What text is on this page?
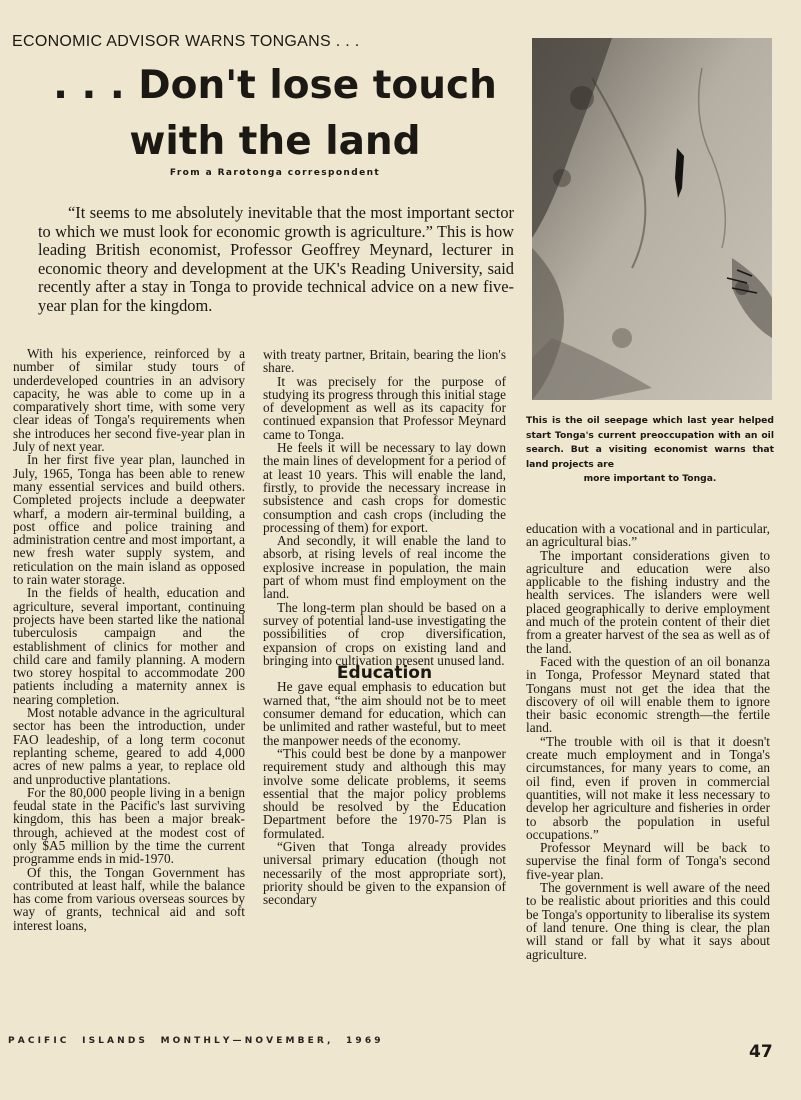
ECONOMIC ADVISOR WARNS TONGANS . . .
. . . Don't lose touch
with the land
From a Rarotonga correspondent
“It seems to me absolutely inevitable that the most important sector to which we must look for economic growth is agriculture.” This is how leading British economist, Professor Geoffrey Meynard, lecturer in economic theory and development at the UK's Reading University, said recently after a stay in Tonga to provide technical advice on a new five-year plan for the kingdom.
This is the oil seepage which last year helped start Tonga's current preoccupation with an oil search. But a visiting economist warns that land projects are
more important to Tonga.

With his experience, reinforced by a number of similar study tours of underdeveloped countries in an advisory capacity, he was able to come up in a comparatively short time, with some very clear ideas of Tonga's requirements when she introduces her second five-year plan in July of next year.

In her first five year plan, launched in July, 1965, Tonga has been able to renew many essential services and build others. Completed projects include a deepwater wharf, a modern air-terminal building, a post office and police training and administration centre and most important, a new fresh water supply system, and reticulation on the main island as opposed to rain water storage.

In the fields of health, education and agriculture, several important, continuing projects have been started like the national tuberculosis campaign and the establishment of clinics for mother and child care and family planning. A modern two storey hospital to accommodate 200 patients including a maternity annex is nearing completion.

Most notable advance in the agricultural sector has been the introduction, under FAO leadeship, of a long term coconut replanting scheme, geared to add 4,000 acres of new palms a year, to replace old and unproductive plantations.

For the 80,000 people living in a benign feudal state in the Pacific's last surviving kingdom, this has been a major break-through, achieved at the modest cost of only $A5 million by the time the current programme ends in mid-1970.

Of this, the Tongan Government has contributed at least half, while the balance has come from various overseas sources by way of grants, technical aid and soft interest loans,

with treaty partner, Britain, bearing the lion's share.

It was precisely for the purpose of studying its progress through this initial stage of development as well as its capacity for continued expansion that Professor Meynard came to Tonga.

He feels it will be necessary to lay down the main lines of development for a period of at least 10 years. This will enable the land, firstly, to provide the necessary increase in subsistence and cash crops for domestic consumption and cash crops (including the processing of them) for export.

And secondly, it will enable the land to absorb, at rising levels of real income the explosive increase in population, the main part of whom must find employment on the land.

The long-term plan should be based on a survey of potential land-use investigating the possibilities of crop diversification, expansion of crops on existing land and bringing into cultivation present unused land.

Education

He gave equal emphasis to education but warned that, “the aim should not be to meet consumer demand for education, which can be unlimited and rather wasteful, but to meet the manpower needs of the economy.

“This could best be done by a manpower requirement study and although this may involve some delicate problems, it seems essential that the major policy problems should be resolved by the Education Department before the 1970-75 Plan is formulated.

“Given that Tonga already provides universal primary education (though not necessarily of the most appropriate sort), priority should be given to the expansion of secondary

education with a vocational and in particular, an agricultural bias.”

The important considerations given to agriculture and education were also applicable to the fishing industry and the health services. The islanders were well placed geographically to derive employment and much of the protein content of their diet from a greater harvest of the sea as well as of the land.

Faced with the question of an oil bonanza in Tonga, Professor Meynard stated that Tongans must not get the idea that the discovery of oil will enable them to ignore their basic economic strength—the fertile land.

“The trouble with oil is that it doesn't create much employment and in Tonga's circumstances, for many years to come, an oil find, even if proven in commercial quantities, will not make it less necessary to develop her agriculture and fisheries in order to absorb the population in useful occupations.”

Professor Meynard will be back to supervise the final form of Tonga's second five-year plan.

The government is well aware of the need to be realistic about priorities and this could be Tonga's opportunity to liberalise its system of land tenure. One thing is clear, the plan will stand or fall by what it says about agriculture.

P A C I F I C     I S L A N D S     M O N T H L Y — N O V E M B E R ,     1 9 6 9
47
